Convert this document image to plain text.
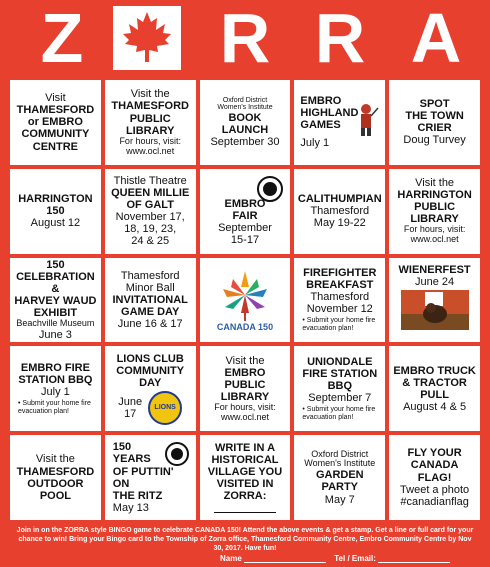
Z R R A
Visit
THAMESFORD
or EMBRO
COMMUNITY
CENTRE
Visit the
THAMESFORD
PUBLIC
LIBRARY
For hours, visit:
www.ocl.net
Oxford District
Women's Institute
BOOK
LAUNCH
September 30
EMBRO
HIGHLAND
GAMES
July 1
SPOT
THE TOWN
CRIER
Doug Turvey
HARRINGTON
150
August 12
Thistle Theatre
QUEEN MILLIE
OF GALT
November 17,
18, 19, 23,
24 & 25
EMBRO
FAIR
September
15-17
CALITHUMPIAN
Thamesford
May 19-22
Visit the
HARRINGTON
PUBLIC
LIBRARY
For hours, visit:
www.ocl.net
150
CELEBRATION &
HARVEY WAUD
EXHIBIT
Beachville Museum
June 3
Thamesford
Minor Ball
INVITATIONAL
GAME DAY
June 16 & 17	CANADA 150
FIREFIGHTER
BREAKFAST
Thamesford
November 12
• Submit your home fire evacuation plan!
WIENERFEST
June 24
EMBRO FIRE
STATION BBQ
July 1
• Submit your home fire evacuation plan!
LIONS CLUB
COMMUNITY
DAY
June
17
LIONS
Visit the
EMBRO
PUBLIC
LIBRARY
For hours, visit:
www.ocl.net
UNIONDALE
FIRE STATION
BBQ
September 7
• Submit your home fire evacuation plan!
EMBRO TRUCK
& TRACTOR
PULL
August 4 & 5
Visit the
THAMESFORD
OUTDOOR
POOL
150
YEARS
OF PUTTIN'
ON
THE RITZ
May 13
WRITE IN A
HISTORICAL
VILLAGE YOU
VISITED IN
ZORRA:
Oxford District
Women's Institute
GARDEN
PARTY
May 7
FLY YOUR
CANADA
FLAG!
Tweet a photo
#canadianflag
Join in on the ZORRA style BINGO game to celebrate CANADA 150! Attend the above events & get a stamp. Get a line or full card for your chance to win! Bring your Bingo card to the Township of Zorra office, Thamesford Community Centre, Embro Community Centre by Nov 30, 2017. Have fun!
Name	Tel / Email:
